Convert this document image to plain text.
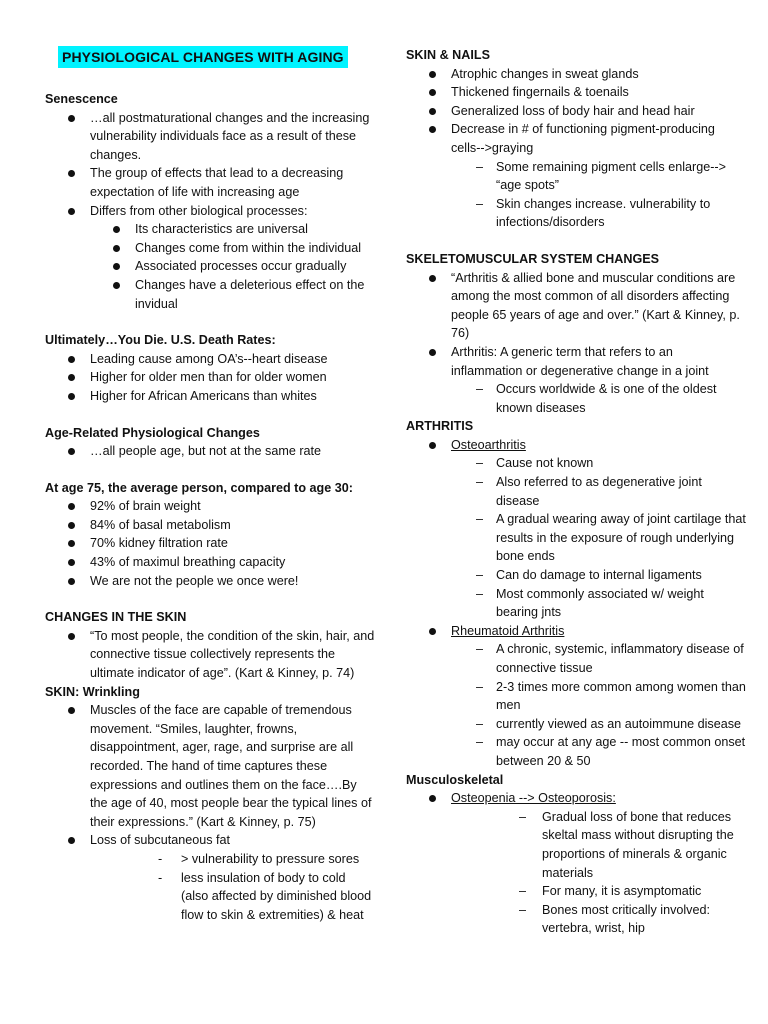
PHYSIOLOGICAL CHANGES WITH AGING
Senescence
…all postmaturational changes and the increasing vulnerability individuals face as a result of these changes.
The group of effects that lead to a decreasing expectation of life with increasing age
Differs from other biological processes:
Its characteristics are universal
Changes come from within the individual
Associated processes occur gradually
Changes have a deleterious effect on the invidual
Ultimately…You Die. U.S. Death Rates:
Leading cause among OA’s--heart disease
Higher for older men than for older women
Higher for African Americans than whites
Age-Related Physiological Changes
…all people age, but not at the same rate
At age 75, the average person, compared to age 30:
92% of brain weight
84% of basal metabolism
70% kidney filtration rate
43% of maximul breathing capacity
We are not the people we once were!
CHANGES IN THE SKIN
“To most people, the condition of the skin, hair, and connective tissue collectively represents the ultimate indicator of age”. (Kart & Kinney, p. 74)
SKIN: Wrinkling
Muscles of the face are capable of tremendous movement. “Smiles, laughter, frowns, disappointment, ager, rage, and surprise are all recorded. The hand of time captures these expressions and outlines them on the face….By the age of 40, most people bear the typical lines of their expressions.” (Kart & Kinney, p. 75)
Loss of subcutaneous fat
- > vulnerability to pressure sores
- less insulation of body to cold (also affected by diminished blood flow to skin & extremities) & heat
SKIN & NAILS
Atrophic changes in sweat glands
Thickened fingernails & toenails
Generalized loss of body hair and head hair
Decrease in # of functioning pigment-producing cells-->graying
– Some remaining pigment cells enlarge--> “age spots”
– Skin changes increase. vulnerability to infections/disorders
SKELETOMUSCULAR SYSTEM CHANGES
“Arthritis & allied bone and muscular conditions are among the most common of all disorders affecting people 65 years of age and over.” (Kart & Kinney, p. 76)
Arthritis: A generic term that refers to an inflammation or degenerative change in a joint
– Occurs worldwide & is one of the oldest known diseases
ARTHRITIS
Osteoarthritis
– Cause not known
– Also referred to as degenerative joint disease
– A gradual wearing away of joint cartilage that results in the exposure of rough underlying bone ends
– Can do damage to internal ligaments
– Most commonly associated w/ weight bearing jnts
Rheumatoid Arthritis
– A chronic, systemic, inflammatory disease of connective tissue
– 2-3 times more common among women than men
– currently viewed as an autoimmune disease
– may occur at any age -- most common onset between 20 & 50
Musculoskeletal
Osteopenia --> Osteoporosis:
– Gradual loss of bone that reduces skeltal mass without disrupting the proportions of minerals & organic materials
– For many, it is asymptomatic
– Bones most critically involved: vertebra, wrist, hip
